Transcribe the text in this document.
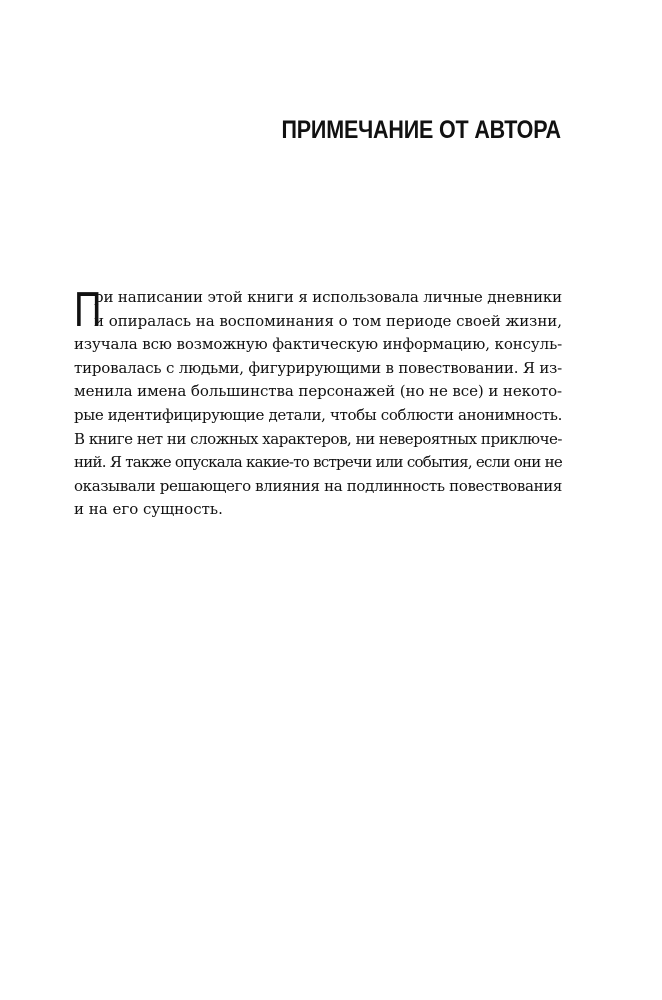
ПРИМЕЧАНИЕ ОТ АВТОРА
П
ри написании этой книги я использовала личные дневники
и опиралась на воспоминания о том периоде своей жизни,
изучала всю возможную фактическую информацию, консуль-
тировалась с людьми, фигурирующими в повествовании. Я из-
менила имена большинства персонажей (но не все) и некото-
рые идентифицирующие детали, чтобы соблюсти анонимность.
В книге нет ни сложных характеров, ни невероятных приключе-
ний. Я также опускала какие-то встречи или события, если они не
оказывали решающего влияния на подлинность повествования
и на его сущность.
